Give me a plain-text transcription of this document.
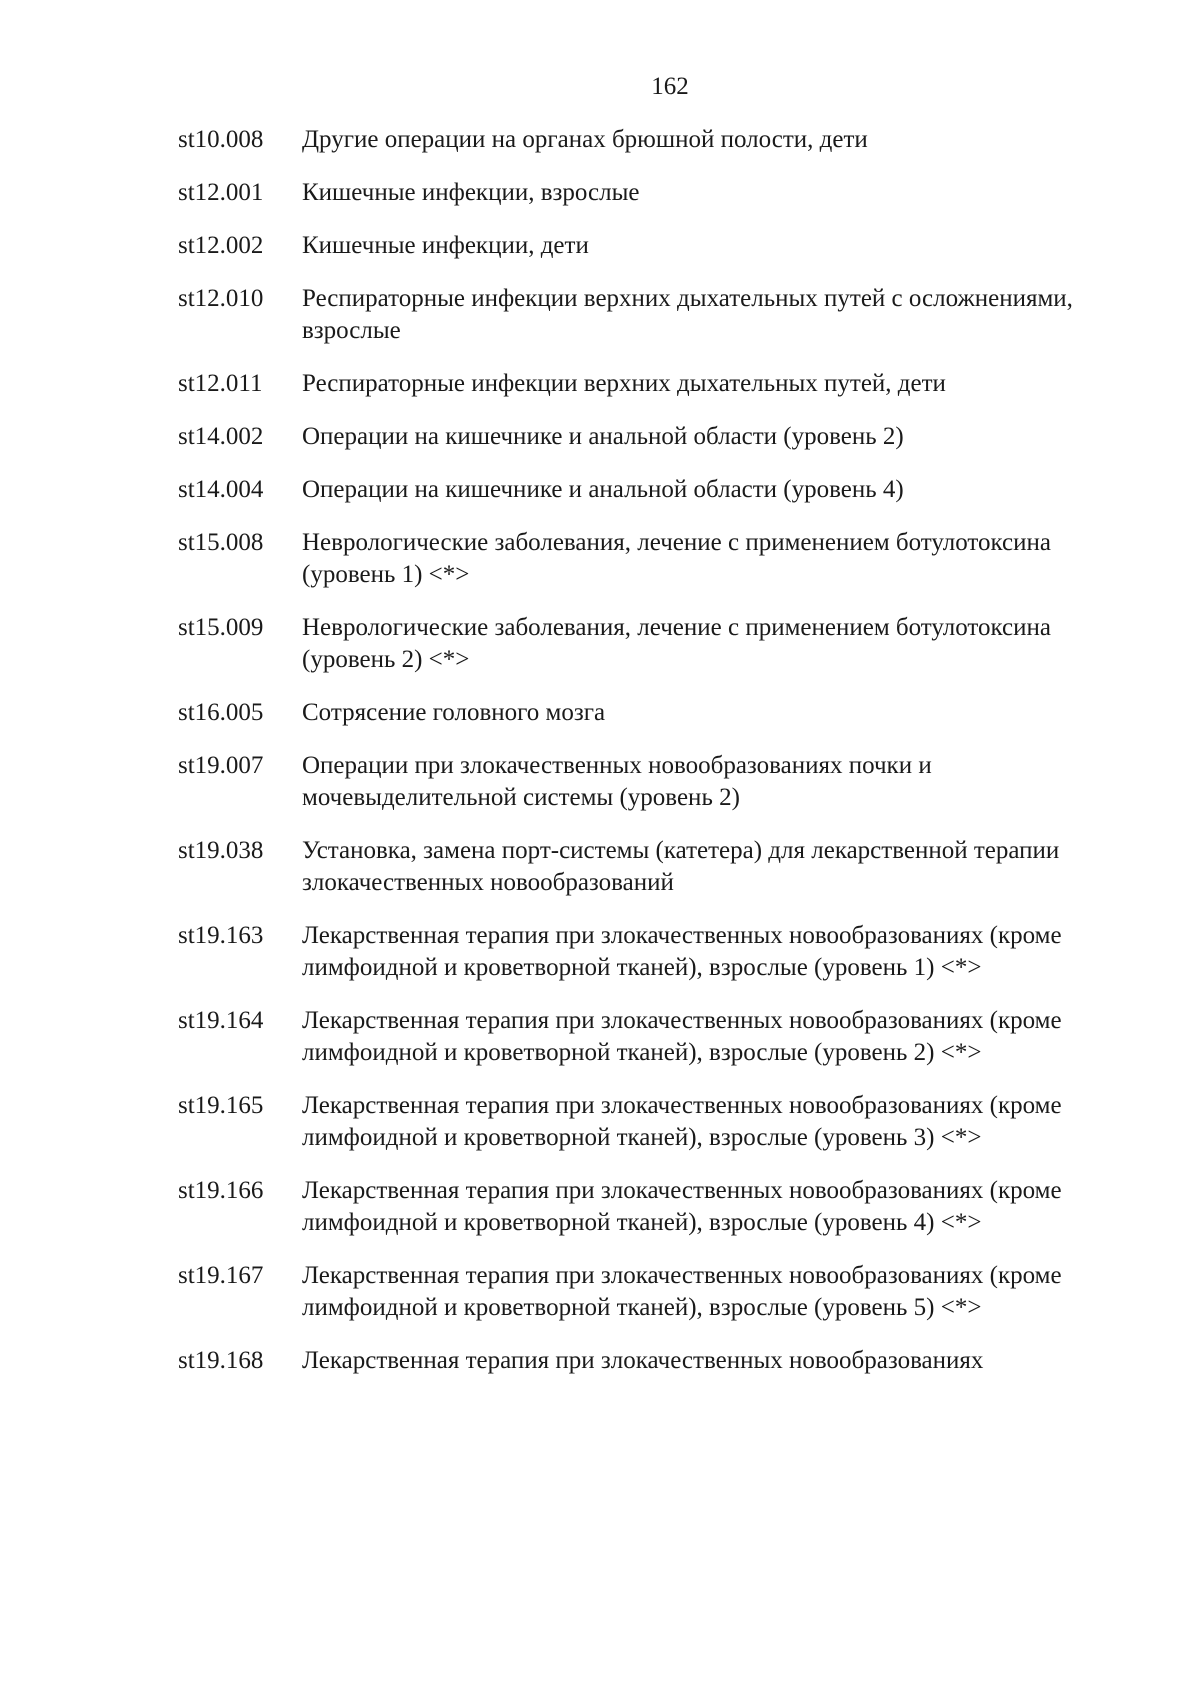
162
st10.008	Другие операции на органах брюшной полости, дети
st12.001	Кишечные инфекции, взрослые
st12.002	Кишечные инфекции, дети
st12.010	Респираторные инфекции верхних дыхательных путей с осложнениями, взрослые
st12.011	Респираторные инфекции верхних дыхательных путей, дети
st14.002	Операции на кишечнике и анальной области (уровень 2)
st14.004	Операции на кишечнике и анальной области (уровень 4)
st15.008	Неврологические заболевания, лечение с применением ботулотоксина (уровень 1) <*>
st15.009	Неврологические заболевания, лечение с применением ботулотоксина (уровень 2) <*>
st16.005	Сотрясение головного мозга
st19.007	Операции при злокачественных новообразованиях почки и мочевыделительной системы (уровень 2)
st19.038	Установка, замена порт-системы (катетера) для лекарственной терапии злокачественных новообразований
st19.163	Лекарственная терапия при злокачественных новообразованиях (кроме лимфоидной и кроветворной тканей), взрослые (уровень 1) <*>
st19.164	Лекарственная терапия при злокачественных новообразованиях (кроме лимфоидной и кроветворной тканей), взрослые (уровень 2) <*>
st19.165	Лекарственная терапия при злокачественных новообразованиях (кроме лимфоидной и кроветворной тканей), взрослые (уровень 3) <*>
st19.166	Лекарственная терапия при злокачественных новообразованиях (кроме лимфоидной и кроветворной тканей), взрослые (уровень 4) <*>
st19.167	Лекарственная терапия при злокачественных новообразованиях (кроме лимфоидной и кроветворной тканей), взрослые (уровень 5) <*>
st19.168	Лекарственная терапия при злокачественных новообразованиях
